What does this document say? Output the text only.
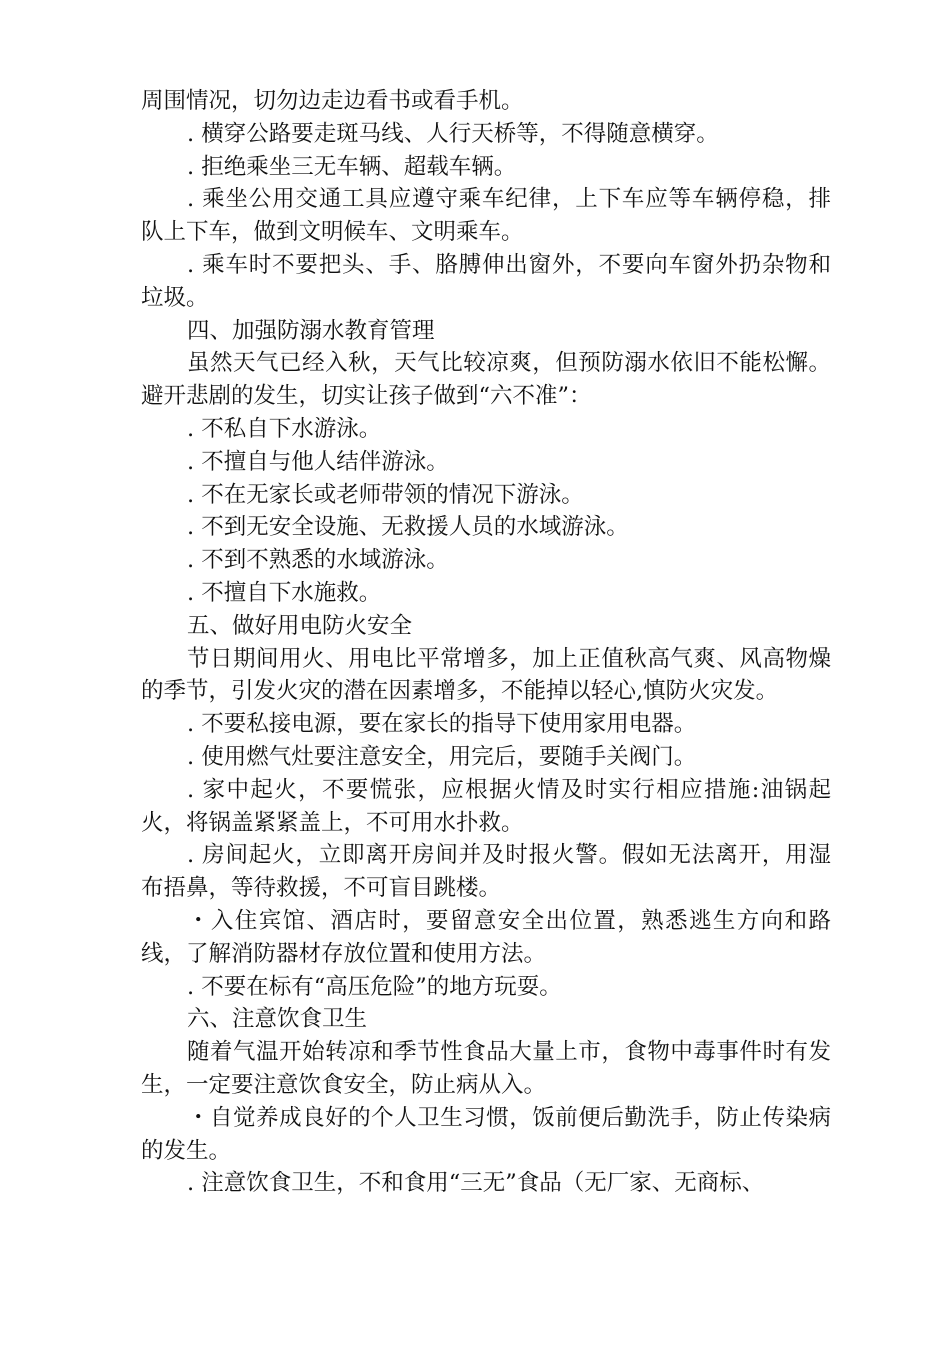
周围情况，切勿边走边看书或看手机。

. 横穿公路要走斑马线、人行天桥等，不得随意横穿。

. 拒绝乘坐三无车辆、超载车辆。

. 乘坐公用交通工具应遵守乘车纪律，上下车应等车辆停稳，排队上下车，做到文明候车、文明乘车。

. 乘车时不要把头、手、胳膊伸出窗外，不要向车窗外扔杂物和垃圾。

四、加强防溺水教育管理

虽然天气已经入秋，天气比较凉爽，但预防溺水依旧不能松懈。避开悲剧的发生，切实让孩子做到“六不准”：

. 不私自下水游泳。

. 不擅自与他人结伴游泳。

. 不在无家长或老师带领的情况下游泳。

. 不到无安全设施、无救援人员的水域游泳。

. 不到不熟悉的水域游泳。

. 不擅自下水施救。

五、做好用电防火安全

节日期间用火、用电比平常增多，加上正值秋高气爽、风高物燥的季节，引发火灾的潜在因素增多，不能掉以轻心,慎防火灾发。

. 不要私接电源，要在家长的指导下使用家用电器。

. 使用燃气灶要注意安全，用完后，要随手关阀门。

. 家中起火，不要慌张，应根据火情及时实行相应措施:油锅起火，将锅盖紧紧盖上，不可用水扑救。

. 房间起火，立即离开房间并及时报火警。假如无法离开，用湿布捂鼻，等待救援，不可盲目跳楼。

・入住宾馆、酒店时，要留意安全出位置，熟悉逃生方向和路线，了解消防器材存放位置和使用方法。

. 不要在标有“高压危险”的地方玩耍。

六、注意饮食卫生

随着气温开始转凉和季节性食品大量上市，食物中毒事件时有发生，一定要注意饮食安全，防止病从入。

・自觉养成良好的个人卫生习惯，饭前便后勤洗手，防止传染病的发生。

. 注意饮食卫生，不和食用“三无”食品（无厂家、无商标、
